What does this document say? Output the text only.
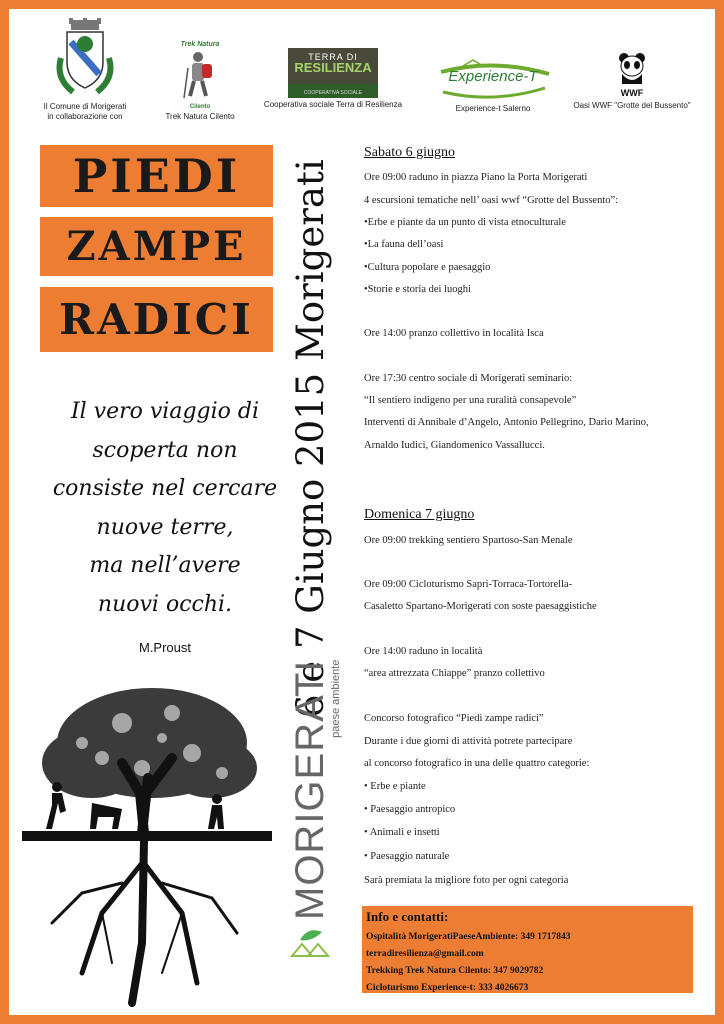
Il Comune di Morigerati
in collaborazione con
Trek Natura
Cilento
Trek Natura Cilento
TERRA DI
RESILIENZA
COOPERATIVA SOCIALE
Cooperativa sociale Terra di Resilienza
Experience-T
Experience-t Salerno
WWF
Oasi WWF "Grotte del Bussento"
PIEDI
ZAMPE
RADICI
Il vero viaggio di
scoperta non
consiste nel cercare
nuove terre,
ma nell’avere
nuovi occhi.
M.Proust	6 e 7 Giugno 2015 Morigerati
MORIGERATI
paese ambiente
Sabato 6 giugno
Ore 09:00 raduno in piazza Piano la Porta Morigerati
4 escursioni tematiche nell’ oasi wwf “Grotte del Bussento”:
•Erbe e piante da un punto di vista etnoculturale
•La fauna dell’oasi
•Cultura popolare e paesaggio
•Storie e storia dei luoghi
Ore 14:00 pranzo collettivo in località Isca
Ore 17:30 centro sociale di Morigerati seminario:
“Il sentiero indigeno per una ruralità consapevole”
Interventi di Annibale d’Angelo, Antonio Pellegrino, Dario Marino,
Arnaldo Iudici, Giandomenico Vassallucci.
Domenica 7 giugno
Ore 09:00 trekking sentiero Spartoso-San Menale
Ore 09:00 Cicloturismo Sapri-Torraca-Tortorella-
Casaletto Spartano-Morigerati con soste paesaggistiche
Ore 14:00 raduno in località
“area attrezzata Chiappe” pranzo collettivo
Concorso fotografico “Piedi zampe radici”
Durante i due giorni di attività potrete partecipare
al concorso fotografico in una delle quattro categorie:
• Erbe e piante
• Paesaggio antropico
• Animali e insetti
• Paesaggio naturale
Sarà premiata la migliore foto per ogni categoria
Info e contatti:
Ospitalità MorigeratiPaeseAmbiente: 349 1717843
terradiresilienza@gmail.com
Trekking Trek Natura Cilento: 347 9029782
Cicloturismo Experience-t: 333 4026673
